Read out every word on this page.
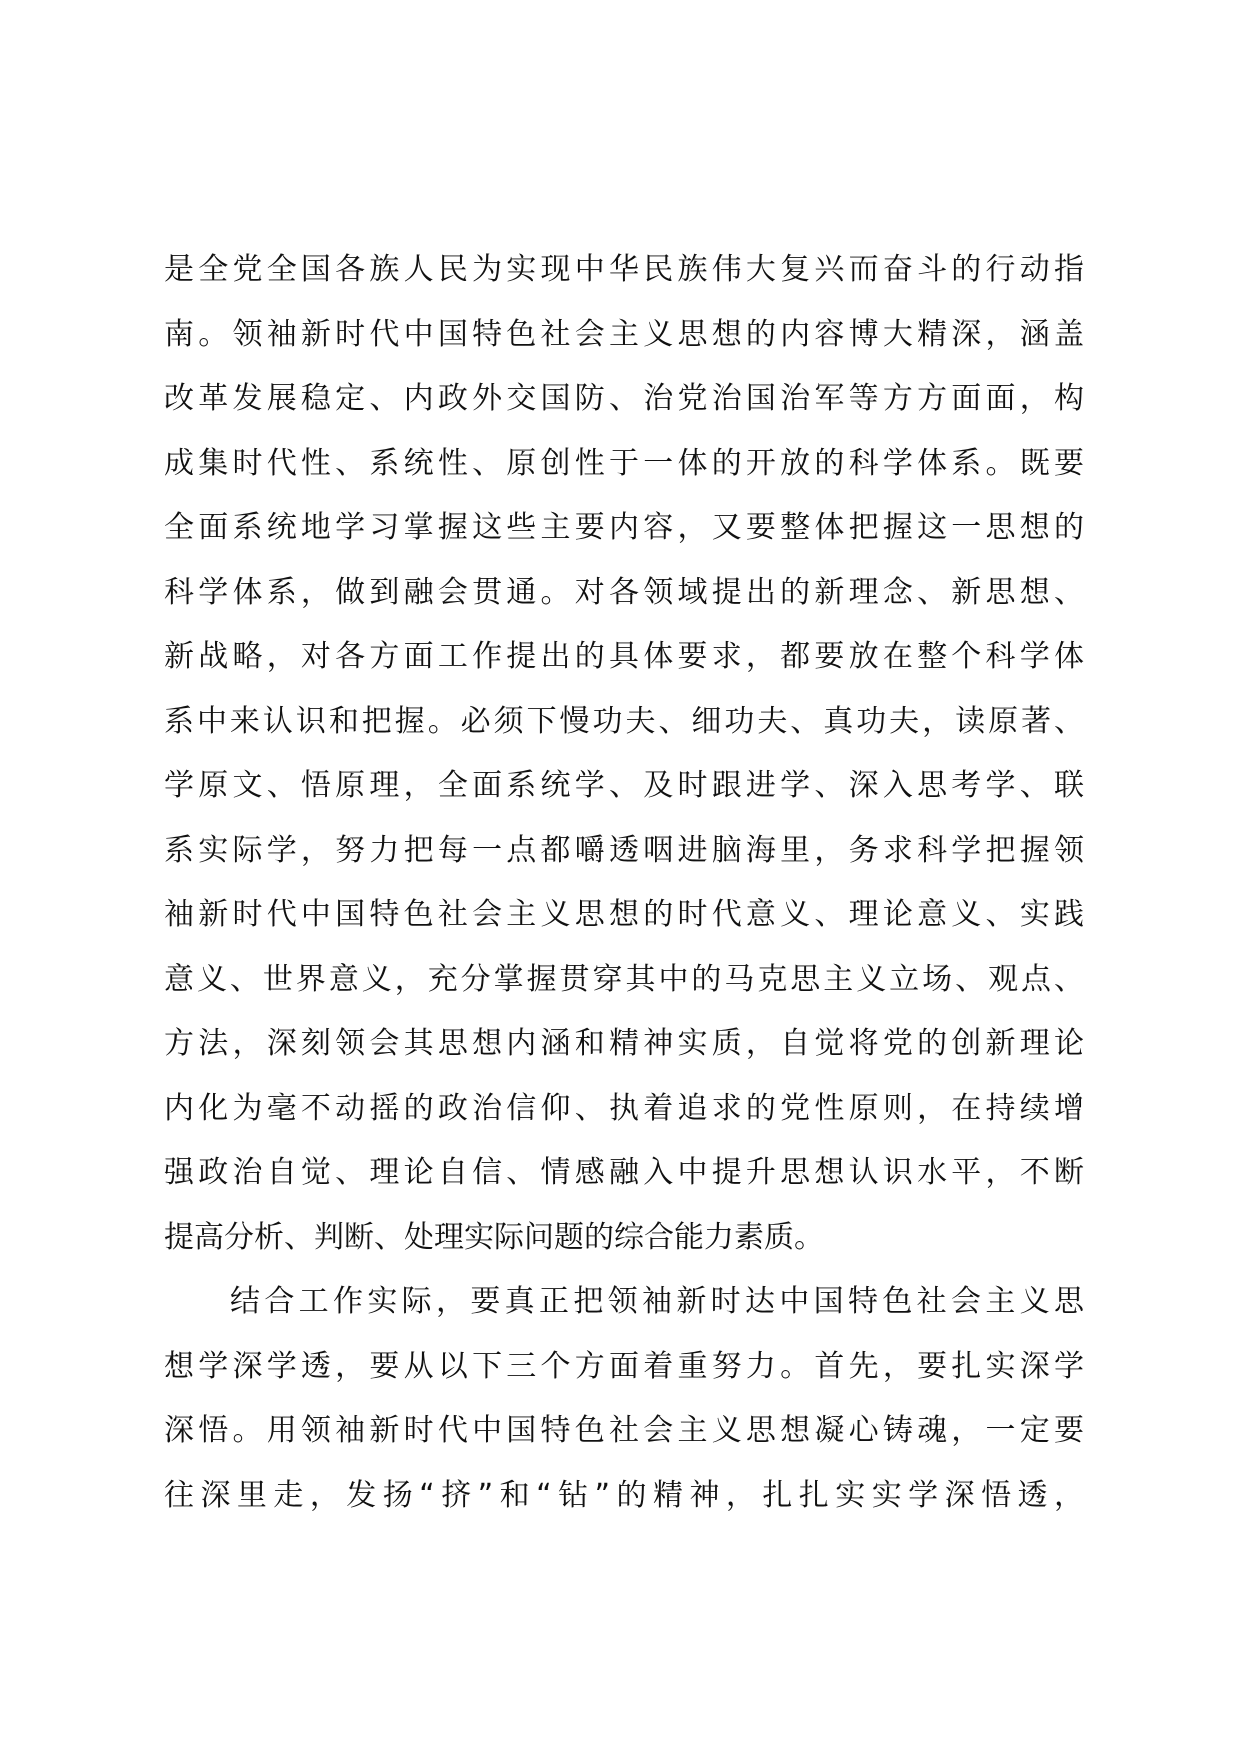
是全党全国各族人民为实现中华民族伟大复兴而奋斗的行动指
南。领袖新时代中国特色社会主义思想的内容博大精深，涵盖
改革发展稳定、内政外交国防、治党治国治军等方方面面，构
成集时代性、系统性、原创性于一体的开放的科学体系。既要
全面系统地学习掌握这些主要内容，又要整体把握这一思想的
科学体系，做到融会贯通。对各领域提出的新理念、新思想、
新战略，对各方面工作提出的具体要求，都要放在整个科学体
系中来认识和把握。必须下慢功夫、细功夫、真功夫，读原著、
学原文、悟原理，全面系统学、及时跟进学、深入思考学、联
系实际学，努力把每一点都嚼透咽进脑海里，务求科学把握领
袖新时代中国特色社会主义思想的时代意义、理论意义、实践
意义、世界意义，充分掌握贯穿其中的马克思主义立场、观点、
方法，深刻领会其思想内涵和精神实质，自觉将党的创新理论
内化为毫不动摇的政治信仰、执着追求的党性原则，在持续增
强政治自觉、理论自信、情感融入中提升思想认识水平，不断
提高分析、判断、处理实际问题的综合能力素质。
结合工作实际，要真正把领袖新时达中国特色社会主义思
想学深学透，要从以下三个方面着重努力。首先，要扎实深学
深悟。用领袖新时代中国特色社会主义思想凝心铸魂，一定要
往深里走，发扬“挤”和“钻”的精神，扎扎实实学深悟透，
